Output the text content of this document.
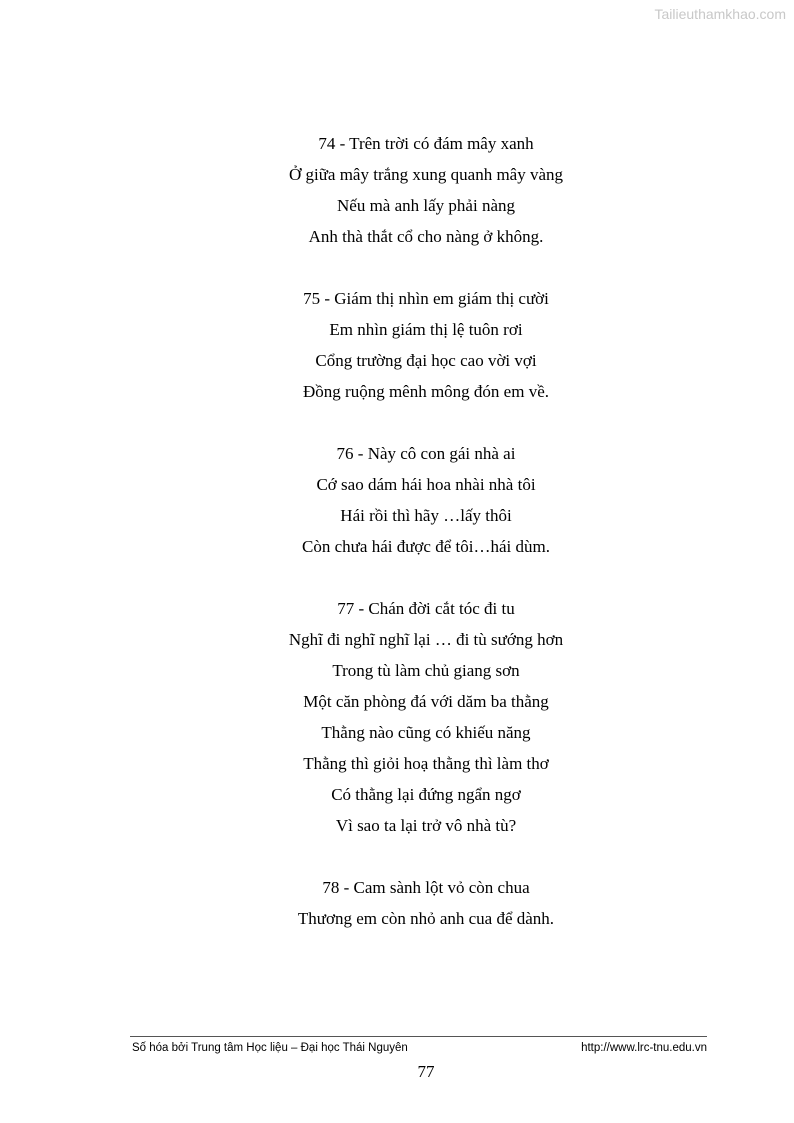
Tailieuthamkhao.com
74 - Trên trời có đám mây xanh
Ở giữa mây trắng xung quanh mây vàng
Nếu mà anh lấy phải nàng
Anh thà thắt cổ cho nàng ở không.
75 - Giám thị nhìn em giám thị cười
Em nhìn giám thị lệ tuôn rơi
Cổng trường đại học cao vời vợi
Đồng ruộng mênh mông đón em về.
76 - Này cô con gái nhà ai
Cớ sao dám hái hoa nhài nhà tôi
Hái rồi thì hãy …lấy thôi
Còn chưa hái được để tôi…hái dùm.
77 - Chán đời cắt tóc đi tu
Nghĩ đi nghĩ nghĩ lại … đi tù sướng hơn
Trong tù làm chủ giang sơn
Một căn phòng đá với dăm ba thằng
Thằng nào cũng có khiếu năng
Thằng thì giỏi hoạ thằng thì làm thơ
Có thằng lại đứng ngẩn ngơ
Vì sao ta lại trở vô nhà tù?
78 - Cam sành lột vỏ còn chua
Thương em còn nhỏ anh cua để dành.
Số hóa bởi Trung tâm Học liệu – Đại học Thái Nguyên	http://www.lrc-tnu.edu.vn
77
